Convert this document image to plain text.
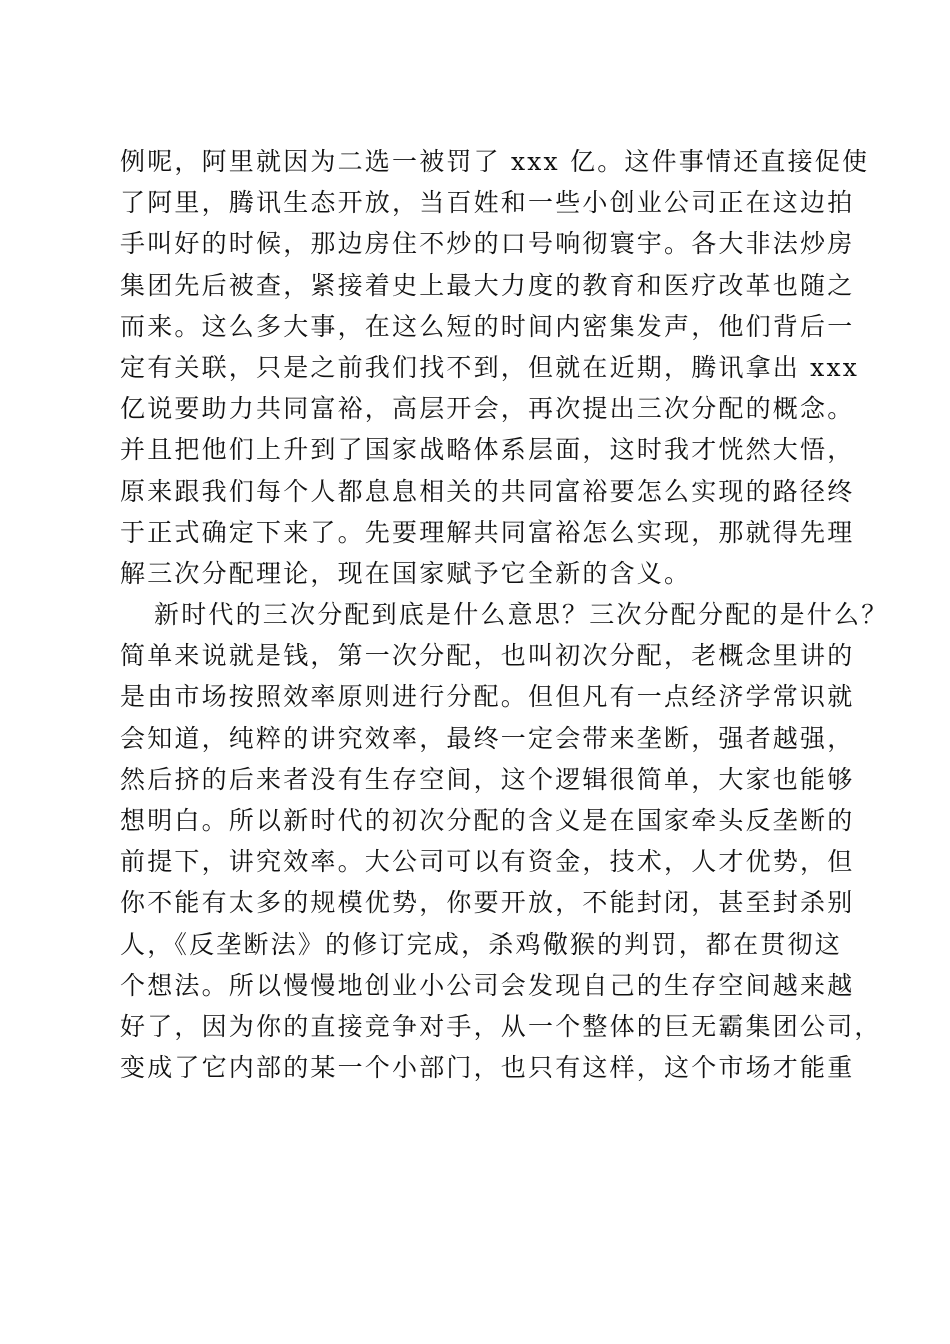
例呢，阿里就因为二选一被罚了 xxx 亿。这件事情还直接促使
了阿里，腾讯生态开放，当百姓和一些小创业公司正在这边拍
手叫好的时候，那边房住不炒的口号响彻寰宇。各大非法炒房
集团先后被查，紧接着史上最大力度的教育和医疗改革也随之
而来。这么多大事，在这么短的时间内密集发声，他们背后一
定有关联，只是之前我们找不到，但就在近期，腾讯拿出 xxx
亿说要助力共同富裕，高层开会，再次提出三次分配的概念。
并且把他们上升到了国家战略体系层面，这时我才恍然大悟，
原来跟我们每个人都息息相关的共同富裕要怎么实现的路径终
于正式确定下来了。先要理解共同富裕怎么实现，那就得先理
解三次分配理论，现在国家赋予它全新的含义。
新时代的三次分配到底是什么意思？三次分配分配的是什么？
简单来说就是钱，第一次分配，也叫初次分配，老概念里讲的
是由市场按照效率原则进行分配。但但凡有一点经济学常识就
会知道，纯粹的讲究效率，最终一定会带来垄断，强者越强，
然后挤的后来者没有生存空间，这个逻辑很简单，大家也能够
想明白。所以新时代的初次分配的含义是在国家牵头反垄断的
前提下，讲究效率。大公司可以有资金，技术，人才优势，但
你不能有太多的规模优势，你要开放，不能封闭，甚至封杀别
人，《反垄断法》的修订完成，杀鸡儆猴的判罚，都在贯彻这
个想法。所以慢慢地创业小公司会发现自己的生存空间越来越
好了，因为你的直接竞争对手，从一个整体的巨无霸集团公司，
变成了它内部的某一个小部门，也只有这样，这个市场才能重
